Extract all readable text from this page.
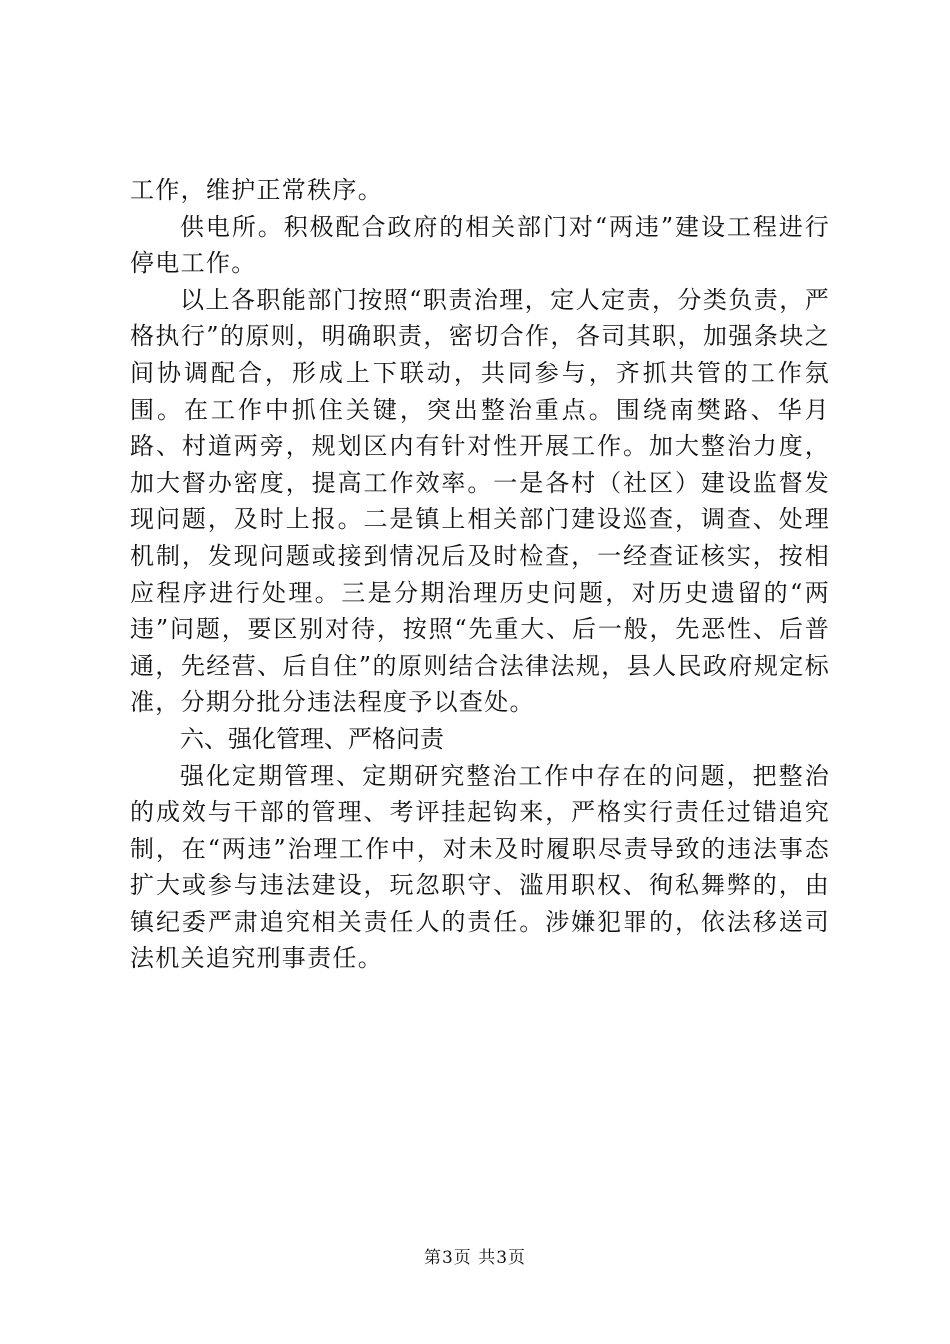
工作，维护正常秩序。

供电所。积极配合政府的相关部门对“两违”建设工程进行停电工作。

以上各职能部门按照“职责治理，定人定责，分类负责，严格执行”的原则，明确职责，密切合作，各司其职，加强条块之间协调配合，形成上下联动，共同参与，齐抓共管的工作氛围。在工作中抓住关键，突出整治重点。围绕南樊路、华月路、村道两旁，规划区内有针对性开展工作。加大整治力度，加大督办密度，提高工作效率。一是各村（社区）建设监督发现问题，及时上报。二是镇上相关部门建设巡查，调查、处理机制，发现问题或接到情况后及时检查，一经查证核实，按相应程序进行处理。三是分期治理历史问题，对历史遗留的“两违”问题，要区别对待，按照“先重大、后一般，先恶性、后普通，先经营、后自住”的原则结合法律法规，县人民政府规定标准，分期分批分违法程度予以查处。

六、强化管理、严格问责

强化定期管理、定期研究整治工作中存在的问题，把整治的成效与干部的管理、考评挂起钩来，严格实行责任过错追究制，在“两违”治理工作中，对未及时履职尽责导致的违法事态扩大或参与违法建设，玩忽职守、滥用职权、徇私舞弊的，由镇纪委严肃追究相关责任人的责任。涉嫌犯罪的，依法移送司法机关追究刑事责任。

第3页 共3页
